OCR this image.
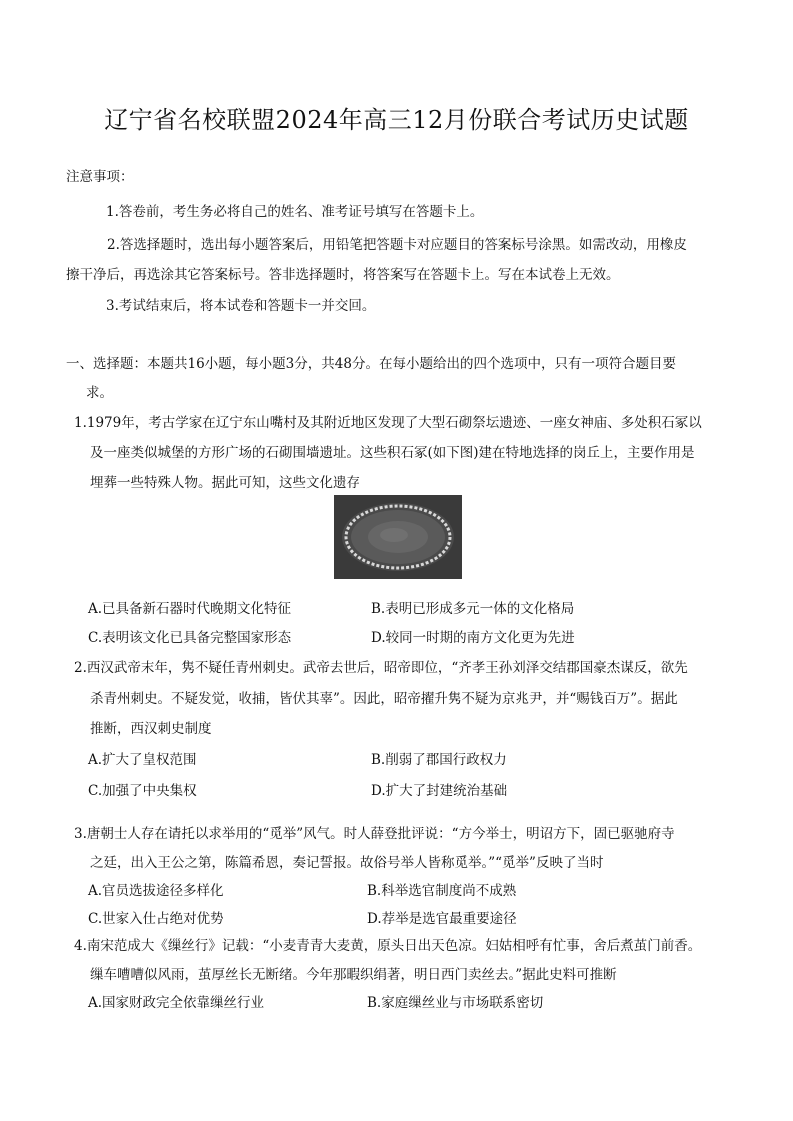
辽宁省名校联盟2024年高三12月份联合考试历史试题
注意事项：
1.答卷前，考生务必将自己的姓名、准考证号填写在答题卡上。
2.答选择题时，选出每小题答案后，用铅笔把答题卡对应题目的答案标号涂黑。如需改动，用橡皮
擦干净后，再选涂其它答案标号。答非选择题时，将答案写在答题卡上。写在本试卷上无效。
3.考试结束后，将本试卷和答题卡一并交回。
一、选择题：本题共16小题，每小题3分，共48分。在每小题给出的四个选项中，只有一项符合题目要
求。
1.1979年，考古学家在辽宁东山嘴村及其附近地区发现了大型石砌祭坛遗迹、一座女神庙、多处积石冢以
及一座类似城堡的方形广场的石砌围墙遗址。这些积石冢(如下图)建在特地选择的岗丘上，主要作用是
埋葬一些特殊人物。据此可知，这些文化遗存
A.已具备新石器时代晚期文化特征	B.表明已形成多元一体的文化格局
C.表明该文化已具备完整国家形态	D.较同一时期的南方文化更为先进
2.西汉武帝末年，隽不疑任青州刺史。武帝去世后，昭帝即位，“齐孝王孙刘泽交结郡国豪杰谋反，欲先
杀青州刺史。不疑发觉，收捕，皆伏其辜”。因此，昭帝擢升隽不疑为京兆尹，并“赐钱百万”。据此
推断，西汉刺史制度
A.扩大了皇权范围	B.削弱了郡国行政权力
C.加强了中央集权	D.扩大了封建统治基础
3.唐朝士人存在请托以求举用的“觅举”风气。时人薛登批评说：“方今举士，明诏方下，固已驱驰府寺
之廷，出入王公之第，陈篇希恩，奏记誓报。故俗号举人皆称觅举。”“觅举”反映了当时
A.官员选拔途径多样化	B.科举选官制度尚不成熟
C.世家入仕占绝对优势	D.荐举是选官最重要途径
4.南宋范成大《缫丝行》记载：“小麦青青大麦黄，原头日出天色凉。妇姑相呼有忙事，舍后煮茧门前香。
缫车嘈嘈似风雨，茧厚丝长无断绪。今年那暇织绢著，明日西门卖丝去。”据此史料可推断
A.国家财政完全依靠缫丝行业	B.家庭缫丝业与市场联系密切
